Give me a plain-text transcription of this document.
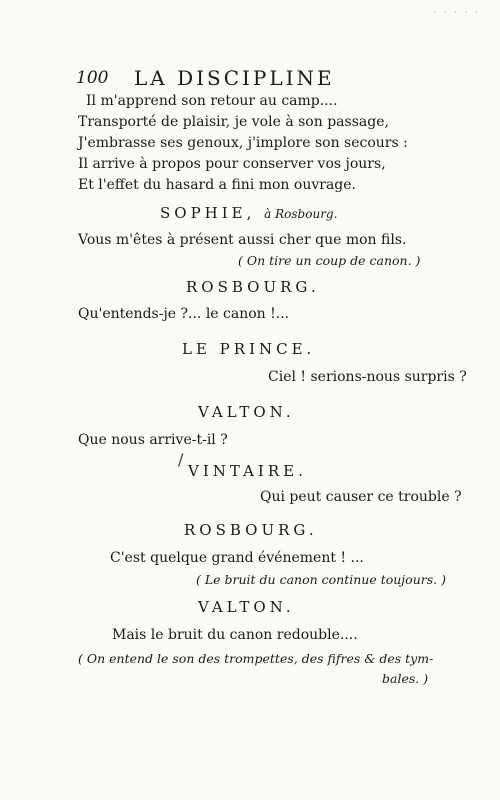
· · · · ·
100 LA DISCIPLINE
Il m'apprend son retour au camp....
Transporté de plaisir, je vole à son passage,
J'embrasse ses genoux, j'implore son secours :
Il arrive à propos pour conserver vos jours,
Et l'effet du hasard a fini mon ouvrage.
SOPHIE, à Rosbourg.
Vous m'êtes à présent aussi cher que mon fils.
( On tire un coup de canon. )
ROSBOURG.
Qu'entends-je ?... le canon !...
LE PRINCE.
Ciel ! serions-nous surpris ?
VALTON.
Que nous arrive-t-il ?
/
VINTAIRE.
Qui peut causer ce trouble ?
ROSBOURG.
C'est quelque grand événement ! ...
( Le bruit du canon continue toujours. )
VALTON.
Mais le bruit du canon redouble....
( On entend le son des trompettes, des fifres & des tym-
bales. )
